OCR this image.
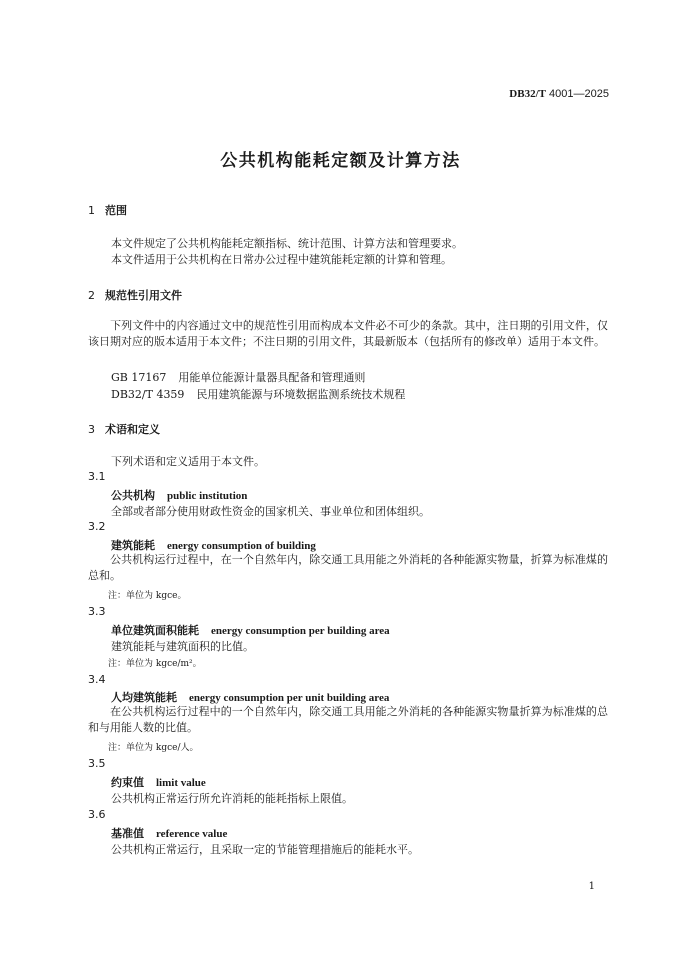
DB32/T 4001—2025
公共机构能耗定额及计算方法
1 范围
本文件规定了公共机构能耗定额指标、统计范围、计算方法和管理要求。
本文件适用于公共机构在日常办公过程中建筑能耗定额的计算和管理。
2 规范性引用文件
下列文件中的内容通过文中的规范性引用而构成本文件必不可少的条款。其中，注日期的引用文件，仅该日期对应的版本适用于本文件；不注日期的引用文件，其最新版本（包括所有的修改单）适用于本文件。
GB 17167 用能单位能源计量器具配备和管理通则
DB32/T 4359 民用建筑能源与环境数据监测系统技术规程
3 术语和定义
下列术语和定义适用于本文件。
3.1
公共机构 public institution
全部或者部分使用财政性资金的国家机关、事业单位和团体组织。
3.2
建筑能耗 energy consumption of building
公共机构运行过程中，在一个自然年内，除交通工具用能之外消耗的各种能源实物量，折算为标准煤的总和。
注：单位为 kgce。
3.3
单位建筑面积能耗 energy consumption per building area
建筑能耗与建筑面积的比值。
注：单位为 kgce/m²。
3.4
人均建筑能耗 energy consumption per unit building area
在公共机构运行过程中的一个自然年内，除交通工具用能之外消耗的各种能源实物量折算为标准煤的总和与用能人数的比值。
注：单位为 kgce/人。
3.5
约束值 limit value
公共机构正常运行所允许消耗的能耗指标上限值。
3.6
基准值 reference value
公共机构正常运行，且采取一定的节能管理措施后的能耗水平。
1
